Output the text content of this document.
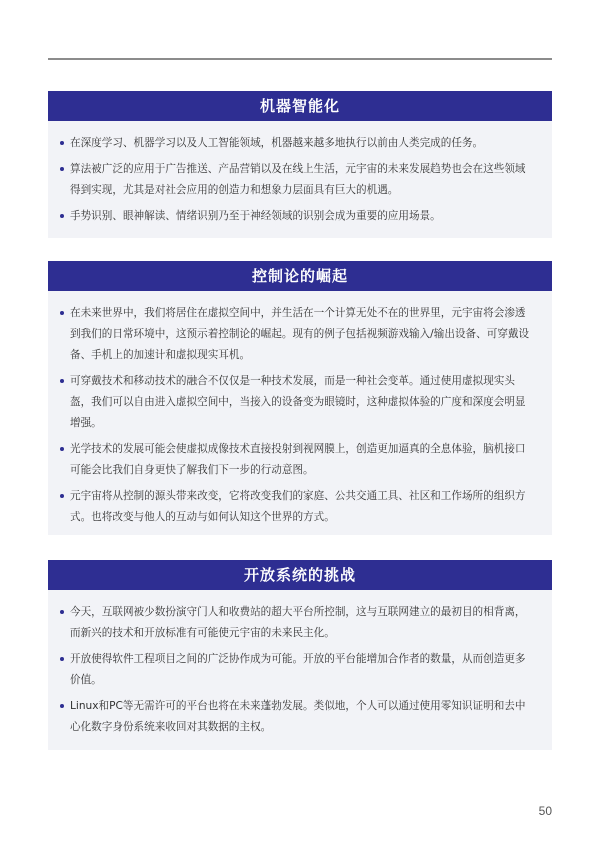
机器智能化
在深度学习、机器学习以及人工智能领域，机器越来越多地执行以前由人类完成的任务。
算法被广泛的应用于广告推送、产品营销以及在线上生活，元宇宙的未来发展趋势也会在这些领域得到实现，尤其是对社会应用的创造力和想象力层面具有巨大的机遇。
手势识别、眼神解读、情绪识别乃至于神经领域的识别会成为重要的应用场景。
控制论的崛起
在未来世界中，我们将居住在虚拟空间中，并生活在一个计算无处不在的世界里，元宇宙将会渗透到我们的日常环境中，这预示着控制论的崛起。现有的例子包括视频游戏输入/输出设备、可穿戴设备、手机上的加速计和虚拟现实耳机。
可穿戴技术和移动技术的融合不仅仅是一种技术发展，而是一种社会变革。通过使用虚拟现实头盔，我们可以自由进入虚拟空间中，当接入的设备变为眼镜时，这种虚拟体验的广度和深度会明显增强。
光学技术的发展可能会使虚拟成像技术直接投射到视网膜上，创造更加逼真的全息体验，脑机接口可能会比我们自身更快了解我们下一步的行动意图。
元宇宙将从控制的源头带来改变，它将改变我们的家庭、公共交通工具、社区和工作场所的组织方式。也将改变与他人的互动与如何认知这个世界的方式。
开放系统的挑战
今天，互联网被少数扮演守门人和收费站的超大平台所控制，这与互联网建立的最初目的相背离，而新兴的技术和开放标准有可能使元宇宙的未来民主化。
开放使得软件工程项目之间的广泛协作成为可能。开放的平台能增加合作者的数量，从而创造更多价值。
Linux和PC等无需许可的平台也将在未来蓬勃发展。类似地，个人可以通过使用零知识证明和去中心化数字身份系统来收回对其数据的主权。
50
